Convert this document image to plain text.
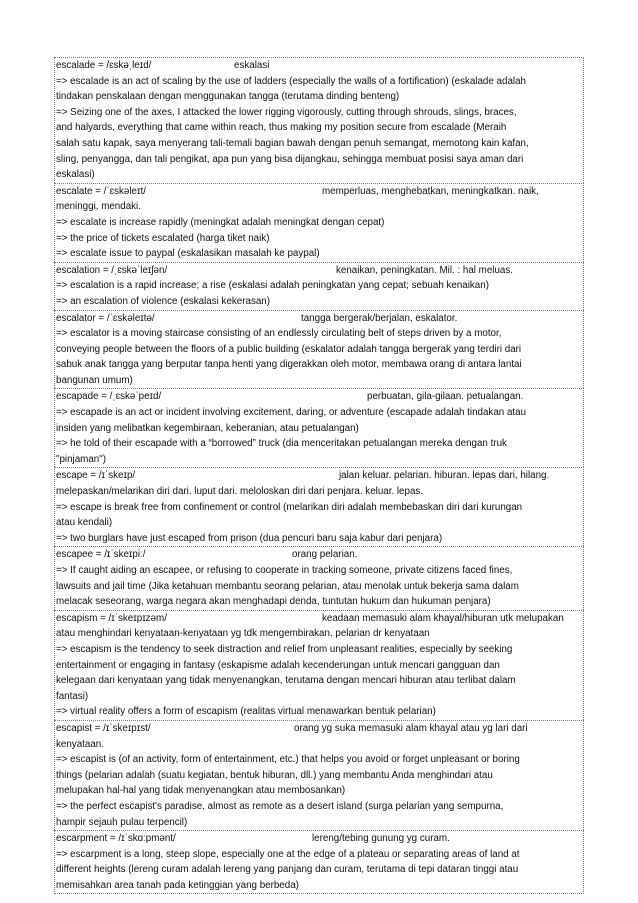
escalade = /ɛskəˌleɪd/	eskalasi
=> escalade is an act of scaling by the use of ladders (especially the walls of a fortification) (eskalade adalah
tindakan penskalaan dengan menggunakan tangga (terutama dinding benteng)
=> Seizing one of the axes, I attacked the lower rigging vigorously, cutting through shrouds, slings, braces,
and halyards, everything that came within reach, thus making my position secure from escalade (Meraih
salah satu kapak, saya menyerang tali-temali bagian bawah dengan penuh semangat, memotong kain kafan,
sling, penyangga, dan tali pengikat, apa pun yang bisa dijangkau, sehingga membuat posisi saya aman dari
eskalasi)
escalate = /ˈɛskəleɪt/	memperluas, menghebatkan, meningkatkan. naik,
meninggi, mendaki.
=> escalate is increase rapidly (meningkat adalah meningkat dengan cepat)
=> the price of tickets escalated (harga tiket naik)
=> escalate issue to paypal (eskalasikan masalah ke paypal)
escalation = /ˌɛskəˈleɪʃən/	kenaikan, peningkatan. Mil. : hal meluas.
=> escalation is a rapid increase; a rise (eskalasi adalah peningkatan yang cepat; sebuah kenaikan)
=> an escalation of violence (eskalasi kekerasan)
escalator = /ˈɛskəleɪtə/	tangga bergerak/berjalan, eskalator.
=> escalator is a moving staircase consisting of an endlessly circulating belt of steps driven by a motor,
conveying people between the floors of a public building (eskalator adalah tangga bergerak yang terdiri dari
sabuk anak tangga yang berputar tanpa henti yang digerakkan oleh motor, membawa orang di antara lantai
bangunan umum)
escapade = /ˌɛskəˈpeɪd/	perbuatan, gila-gilaan. petualangan.
=> escapade is an act or incident involving excitement, daring, or adventure (escapade adalah tindakan atau
insiden yang melibatkan kegembiraan, keberanian, atau petualangan)
=> he told of their escapade with a “borrowed” truck (dia menceritakan petualangan mereka dengan truk
"pinjaman")
escape = /ɪˈskeɪp/	jalan keluar. pelarian. hiburan. lepas dari, hilang.
melepaskan/melarikan diri dari. luput dari. meloloskan diri dari penjara. keluar. lepas.
=> escape is break free from confinement or control (melarikan diri adalah membebaskan diri dari kurungan
atau kendali)
=> two burglars have just escaped from prison (dua pencuri baru saja kabur dari penjara)
escapee = /ɪˈskeɪpiː/	orang pelarian.
=> If caught aiding an escapee, or refusing to cooperate in tracking someone, private citizens faced fines,
lawsuits and jail time (Jika ketahuan membantu seorang pelarian, atau menolak untuk bekerja sama dalam
melacak seseorang, warga negara akan menghadapi denda, tuntutan hukum dan hukuman penjara)
escapism = /ɪˈskeɪpɪzəm/	keadaan memasuki alam khayal/hiburan utk melupakan
atau menghindari kenyataan-kenyataan yg tdk mengembirakan. pelarian dr kenyataan
=> escapism is the tendency to seek distraction and relief from unpleasant realities, especially by seeking
entertainment or engaging in fantasy (eskapisme adalah kecenderungan untuk mencari gangguan dan
kelegaan dari kenyataan yang tidak menyenangkan, terutama dengan mencari hiburan atau terlibat dalam
fantasi)
=> virtual reality offers a form of escapism (realitas virtual menawarkan bentuk pelarian)
escapist = /ɪˈskeɪpɪst/	orang yg suka memasuki alam khayal atau yg lari dari
kenyataan.
=> escapist is (of an activity, form of entertainment, etc.) that helps you avoid or forget unpleasant or boring
things (pelarian adalah (suatu kegiatan, bentuk hiburan, dll.) yang membantu Anda menghindari atau
melupakan hal-hal yang tidak menyenangkan atau membosankan)
=> the perfect escapist's paradise, almost as remote as a desert island (surga pelarian yang sempurna,
hampir sejauh pulau terpencil)
escarpment = /ɪˈskɑːpmənt/	lereng/tebing gunung yg curam.
=> escarpment is a long, steep slope, especially one at the edge of a plateau or separating areas of land at
different heights (lereng curam adalah lereng yang panjang dan curam, terutama di tepi dataran tinggi atau
memisahkan area tanah pada ketinggian yang berbeda)
